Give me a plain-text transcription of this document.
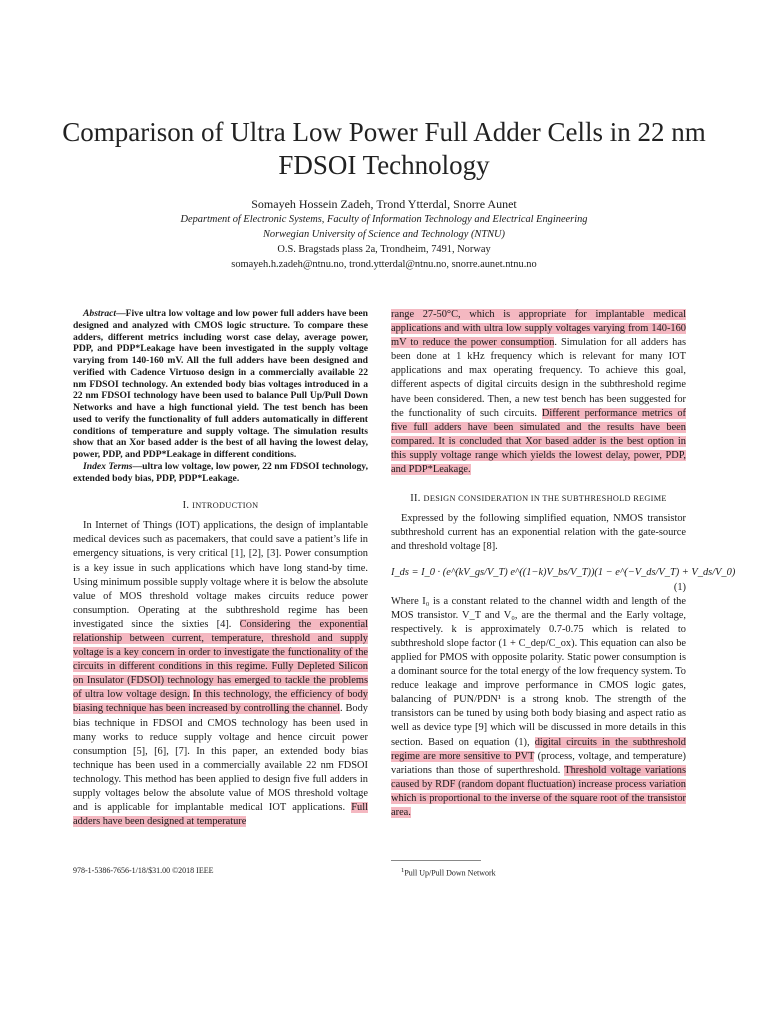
Comparison of Ultra Low Power Full Adder Cells in 22 nm FDSOI Technology
Somayeh Hossein Zadeh, Trond Ytterdal, Snorre Aunet
Department of Electronic Systems, Faculty of Information Technology and Electrical Engineering
Norwegian University of Science and Technology (NTNU)
O.S. Bragstads plass 2a, Trondheim, 7491, Norway
somayeh.h.zadeh@ntnu.no, trond.ytterdal@ntnu.no, snorre.aunet.ntnu.no

Abstract—Five ultra low voltage and low power full adders have been designed and analyzed with CMOS logic structure. To compare these adders, different metrics including worst case delay, average power, PDP, and PDP*Leakage have been investigated in the supply voltage varying from 140-160 mV. All the full adders have been designed and verified with Cadence Virtuoso design in a commercially available 22 nm FDSOI technology. An extended body bias voltages introduced in a 22 nm FDSOI technology have been used to balance Pull Up/Pull Down Networks and have a high functional yield. The test bench has been used to verify the functionality of full adders automatically in different conditions of temperature and supply voltage. The simulation results show that an Xor based adder is the best of all having the lowest delay, power, PDP, and PDP*Leakage in different conditions.

Index Terms—ultra low voltage, low power, 22 nm FDSOI technology, extended body bias, PDP, PDP*Leakage.

I. INTRODUCTION

In Internet of Things (IOT) applications, the design of implantable medical devices such as pacemakers, that could save a patient’s life in emergency situations, is very critical [1], [2], [3]. Power consumption is a key issue in such applications which have long stand-by time. Using minimum possible supply voltage where it is below the absolute value of MOS threshold voltage makes circuits reduce power consumption. Operating at the subthreshold regime has been investigated since the sixties [4]. Considering the exponential relationship between current, temperature, threshold and supply voltage is a key concern in order to investigate the functionality of the circuits in different conditions in this regime. Fully Depleted Silicon on Insulator (FDSOI) technology has emerged to tackle the problems of ultra low voltage design. In this technology, the efficiency of body biasing technique has been increased by controlling the channel. Body bias technique in FDSOI and CMOS technology has been used in many works to reduce supply voltage and hence circuit power consumption [5], [6], [7]. In this paper, an extended body bias technique has been used in a commercially available 22 nm FDSOI technology. This method has been applied to design five full adders in supply voltages below the absolute value of MOS threshold voltage and is applicable for implantable medical IOT applications. Full adders have been designed at temperature

range 27-50°C, which is appropriate for implantable medical applications and with ultra low supply voltages varying from 140-160 mV to reduce the power consumption. Simulation for all adders has been done at 1 kHz frequency which is relevant for many IOT applications and max operating frequency. To achieve this goal, different aspects of digital circuits design in the subthreshold regime have been considered. Then, a new test bench has been suggested for the functionality of such circuits. Different performance metrics of five full adders have been simulated and the results have been compared. It is concluded that Xor based adder is the best option in this supply voltage range which yields the lowest delay, power, PDP, and PDP*Leakage.

II. DESIGN CONSIDERATION IN THE SUBTHRESHOLD REGIME

Expressed by the following simplified equation, NMOS transistor subthreshold current has an exponential relation with the gate-source and threshold voltage [8].

I_ds = I_0 · (e^(kV_gs/V_T) e^((1−k)V_bs/V_T))(1 − e^(−V_ds/V_T) + V_ds/V_0)
(1)

Where I₀ is a constant related to the channel width and length of the MOS transistor. V_T and V₀, are the thermal and the Early voltage, respectively. k is approximately 0.7-0.75 which is related to subthreshold slope factor (1 + C_dep/C_ox). This equation can also be applied for PMOS with opposite polarity. Static power consumption is a dominant source for the total energy of the low frequency system. To reduce leakage and improve performance in CMOS logic gates, balancing of PUN/PDN¹ is a strong knob. The strength of the transistors can be tuned by using both body biasing and aspect ratio as well as device type [9] which will be discussed in more details in this section. Based on equation (1), digital circuits in the subthreshold regime are more sensitive to PVT (process, voltage, and temperature) variations than those of superthreshold. Threshold voltage variations caused by RDF (random dopant fluctuation) increase process variation which is proportional to the inverse of the square root of the transistor area.

978-1-5386-7656-1/18/$31.00 ©2018 IEEE	$^1$Pull Up/Pull Down Network
